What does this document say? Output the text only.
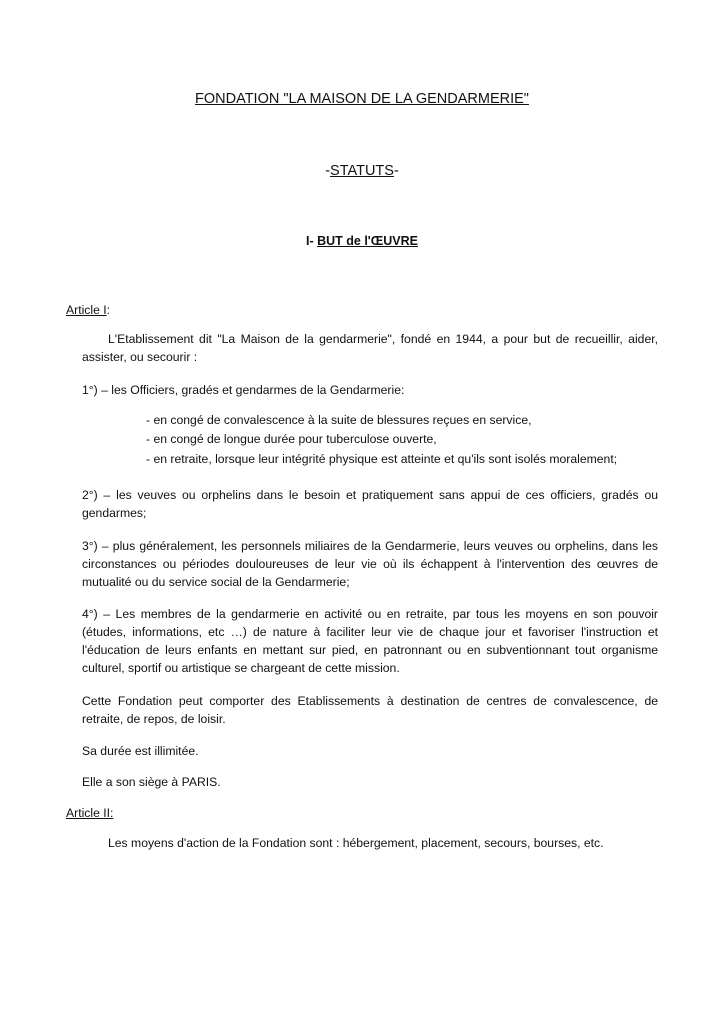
FONDATION "LA MAISON DE LA GENDARMERIE"
-STATUTS-
I- BUT de l'ŒUVRE
Article I:
L'Etablissement dit "La Maison de la gendarmerie", fondé en 1944, a pour but de recueillir, aider, assister, ou secourir :
1°) – les Officiers, gradés et gendarmes de la Gendarmerie:
- en congé de convalescence à la suite de blessures reçues en service,
- en congé de longue durée pour tuberculose ouverte,
- en retraite, lorsque leur intégrité physique est atteinte et qu'ils sont isolés moralement;
2°) – les veuves ou orphelins dans le besoin et pratiquement sans appui de ces officiers, gradés ou gendarmes;
3°) – plus généralement, les personnels miliaires de la Gendarmerie, leurs veuves ou orphelins, dans les circonstances ou périodes douloureuses de leur vie où ils échappent à l'intervention des œuvres de mutualité ou du service social de la Gendarmerie;
4°) – Les membres de la gendarmerie en activité ou en retraite, par tous les moyens en son pouvoir (études, informations, etc …) de nature à faciliter leur vie de chaque jour et favoriser l'instruction et l'éducation de leurs enfants en mettant sur pied, en patronnant ou en subventionnant tout organisme culturel, sportif ou artistique se chargeant de cette mission.
Cette Fondation peut comporter des Etablissements à destination de centres de convalescence, de retraite, de repos, de loisir.
Sa durée est illimitée.
Elle a son siège à PARIS.
Article II:
Les moyens d'action de la Fondation sont : hébergement, placement, secours, bourses, etc.
